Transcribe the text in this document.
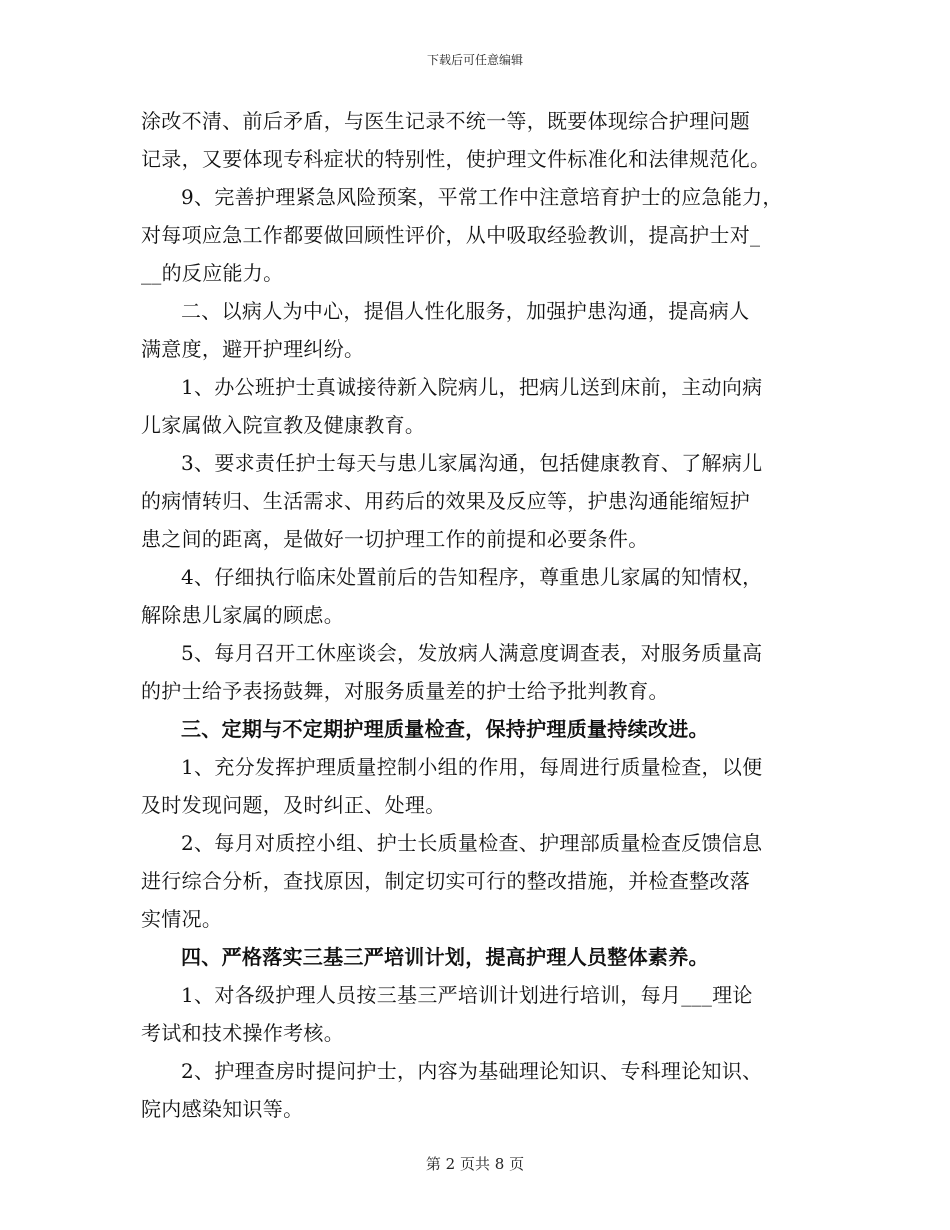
下载后可任意编辑
涂改不清、前后矛盾，与医生记录不统一等，既要体现综合护理问题
记录，又要体现专科症状的特别性，使护理文件标准化和法律规范化。
9、完善护理紧急风险预案，平常工作中注意培育护士的应急能力，
对每项应急工作都要做回顾性评价，从中吸取经验教训，提高护士对_
__的反应能力。
二、以病人为中心，提倡人性化服务，加强护患沟通，提高病人
满意度，避开护理纠纷。
1、办公班护士真诚接待新入院病儿，把病儿送到床前，主动向病
儿家属做入院宣教及健康教育。
3、要求责任护士每天与患儿家属沟通，包括健康教育、了解病儿
的病情转归、生活需求、用药后的效果及反应等，护患沟通能缩短护
患之间的距离，是做好一切护理工作的前提和必要条件。
4、仔细执行临床处置前后的告知程序，尊重患儿家属的知情权，
解除患儿家属的顾虑。
5、每月召开工休座谈会，发放病人满意度调查表，对服务质量高
的护士给予表扬鼓舞，对服务质量差的护士给予批判教育。
三、定期与不定期护理质量检查，保持护理质量持续改进。
1、充分发挥护理质量控制小组的作用，每周进行质量检查，以便
及时发现问题，及时纠正、处理。
2、每月对质控小组、护士长质量检查、护理部质量检查反馈信息
进行综合分析，查找原因，制定切实可行的整改措施，并检查整改落
实情况。
四、严格落实三基三严培训计划，提高护理人员整体素养。
1、对各级护理人员按三基三严培训计划进行培训，每月___理论
考试和技术操作考核。
2、护理查房时提问护士，内容为基础理论知识、专科理论知识、
院内感染知识等。
第 2 页共 8 页
